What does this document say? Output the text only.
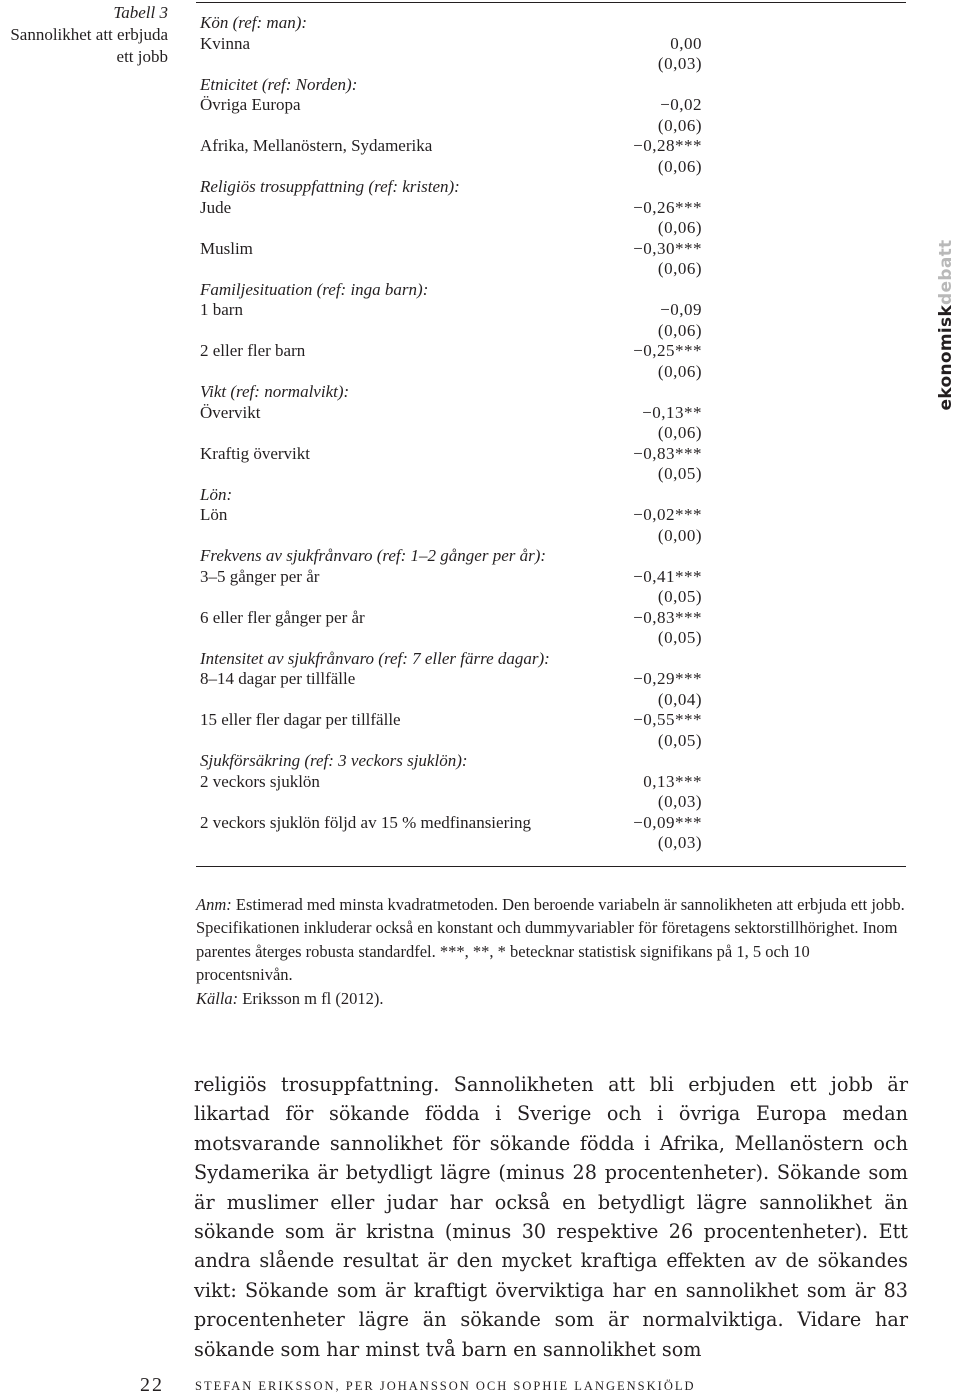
Tabell 3
Sannolikhet att erbjuda ett jobb
Kön (ref: man):
Kvinna	0,00
(0,03)
Etnicitet (ref: Norden):
Övriga Europa	−0,02
(0,06)
Afrika, Mellanöstern, Sydamerika	−0,28***
(0,06)
Religiös trosuppfattning (ref: kristen):
Jude	−0,26***
(0,06)
Muslim	−0,30***
(0,06)
Familjesituation (ref: inga barn):
1 barn	−0,09
(0,06)
2 eller fler barn	−0,25***
(0,06)
Vikt (ref: normalvikt):
Övervikt	−0,13**
(0,06)
Kraftig övervikt	−0,83***
(0,05)
Lön:
Lön	−0,02***
(0,00)
Frekvens av sjukfrånvaro (ref: 1–2 gånger per år):
3–5 gånger per år	−0,41***
(0,05)
6 eller fler gånger per år	−0,83***
(0,05)
Intensitet av sjukfrånvaro (ref: 7 eller färre dagar):
8–14 dagar per tillfälle	−0,29***
(0,04)
15 eller fler dagar per tillfälle	−0,55***
(0,05)
Sjukförsäkring (ref: 3 veckors sjuklön):
2 veckors sjuklön	0,13***
(0,03)
2 veckors sjuklön följd av 15 % medfinansiering	−0,09***
(0,03)

Anm: Estimerad med minsta kvadratmetoden. Den beroende variabeln är sannolikheten att erbjuda ett jobb. Specifikationen inkluderar också en konstant och dummyvariabler för företagens sektorstillhörighet. Inom parentes återges robusta standardfel. ***, **, * betecknar statistisk signifikans på 1, 5 och 10 procentsnivån.

Källa: Eriksson m fl (2012).

ekonomiskdebatt

religiös trosuppfattning. Sannolikheten att bli erbjuden ett jobb är likartad för sökande födda i Sverige och i övriga Europa medan motsvarande sannolikhet för sökande födda i Afrika, Mellanöstern och Sydamerika är betydligt lägre (minus 28 procentenheter). Sökande som är muslimer eller judar har också en betydligt lägre sannolikhet än sökande som är kristna (minus 30 respektive 26 procentenheter). Ett andra slående resultat är den mycket kraftiga effekten av de sökandes vikt: Sökande som är kraftigt överviktiga har en sannolikhet som är 83 procentenheter lägre än sökande som är normalviktiga. Vidare har sökande som har minst två barn en sannolikhet som

22 STEFAN ERIKSSON, PER JOHANSSON OCH SOPHIE LANGENSKIÖLD
